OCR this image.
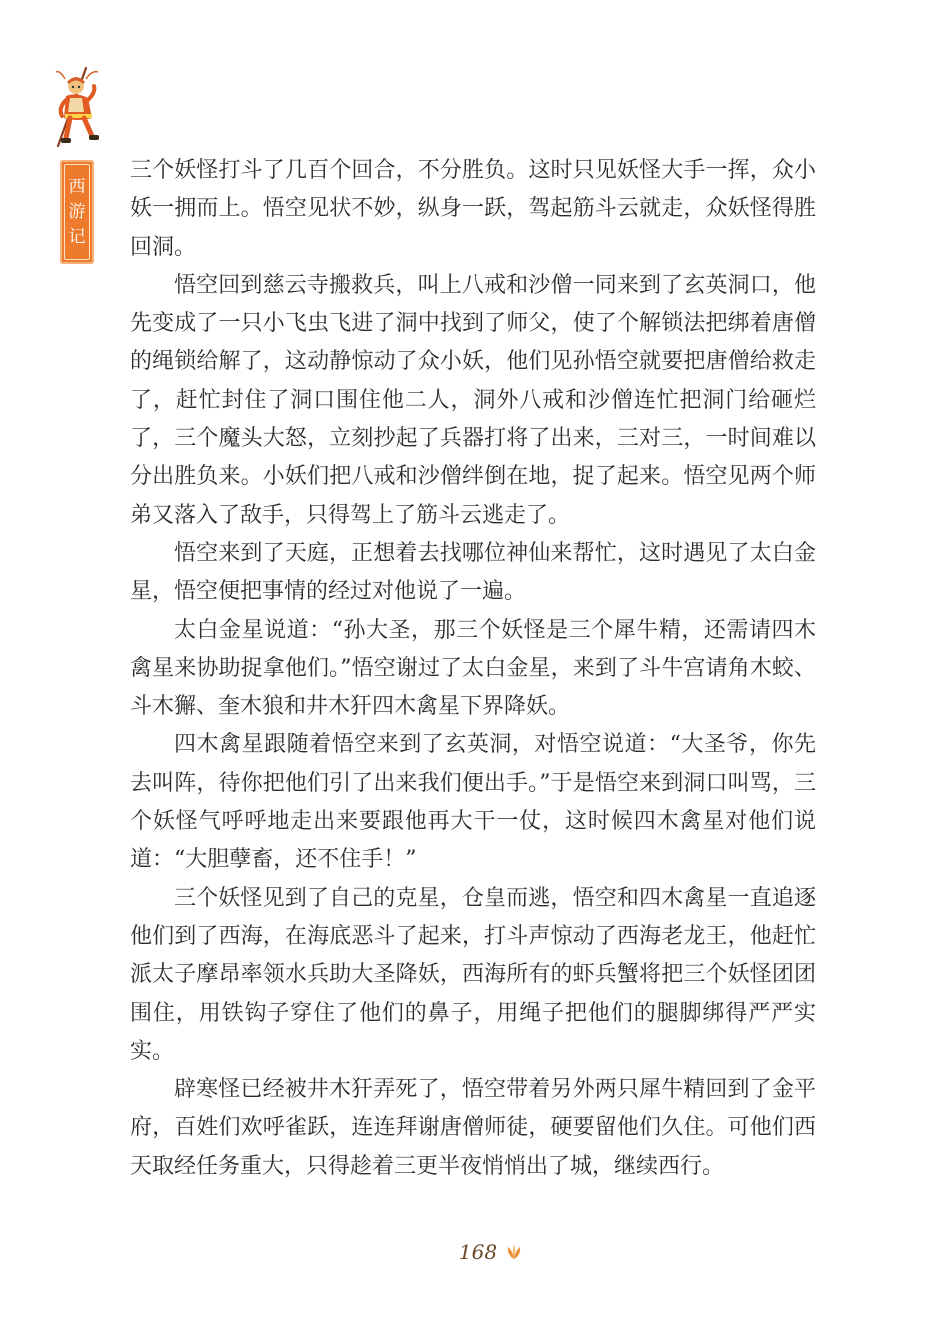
西
游
记

三个妖怪打斗了几百个回合，不分胜负。这时只见妖怪大手一挥，众小妖一拥而上。悟空见状不妙，纵身一跃，驾起筋斗云就走，众妖怪得胜回洞。

悟空回到慈云寺搬救兵，叫上八戒和沙僧一同来到了玄英洞口，他先变成了一只小飞虫飞进了洞中找到了师父，使了个解锁法把绑着唐僧的绳锁给解了，这动静惊动了众小妖，他们见孙悟空就要把唐僧给救走了，赶忙封住了洞口围住他二人，洞外八戒和沙僧连忙把洞门给砸烂了，三个魔头大怒，立刻抄起了兵器打将了出来，三对三，一时间难以分出胜负来。小妖们把八戒和沙僧绊倒在地，捉了起来。悟空见两个师弟又落入了敌手，只得驾上了筋斗云逃走了。

悟空来到了天庭，正想着去找哪位神仙来帮忙，这时遇见了太白金星，悟空便把事情的经过对他说了一遍。

太白金星说道：“孙大圣，那三个妖怪是三个犀牛精，还需请四木禽星来协助捉拿他们。”悟空谢过了太白金星，来到了斗牛宫请角木蛟、斗木獬、奎木狼和井木犴四木禽星下界降妖。

四木禽星跟随着悟空来到了玄英洞，对悟空说道：“大圣爷，你先去叫阵，待你把他们引了出来我们便出手。”于是悟空来到洞口叫骂，三个妖怪气呼呼地走出来要跟他再大干一仗，这时候四木禽星对他们说道：“大胆孽畜，还不住手！”

三个妖怪见到了自己的克星，仓皇而逃，悟空和四木禽星一直追逐他们到了西海，在海底恶斗了起来，打斗声惊动了西海老龙王，他赶忙派太子摩昂率领水兵助大圣降妖，西海所有的虾兵蟹将把三个妖怪团团围住，用铁钩子穿住了他们的鼻子，用绳子把他们的腿脚绑得严严实实。

辟寒怪已经被井木犴弄死了，悟空带着另外两只犀牛精回到了金平府，百姓们欢呼雀跃，连连拜谢唐僧师徒，硬要留他们久住。可他们西天取经任务重大，只得趁着三更半夜悄悄出了城，继续西行。

168
